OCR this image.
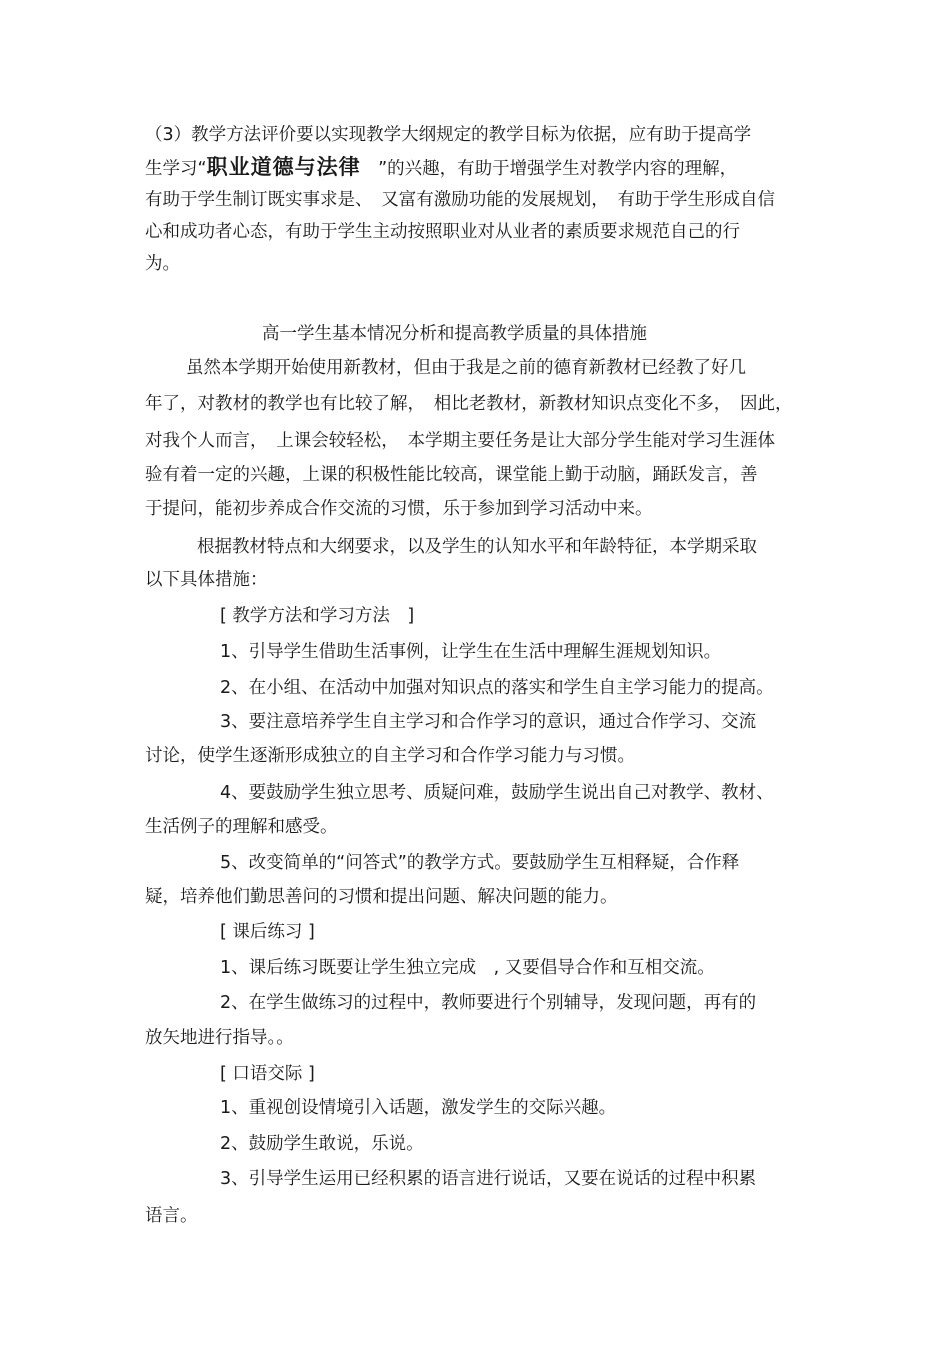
（3）教学方法评价要以实现教学大纲规定的教学目标为依据，应有助于提高学
生学习“职业道德与法律　”的兴趣，有助于增强学生对教学内容的理解，
有助于学生制订既实事求是、　又富有激励功能的发展规划，　有助于学生形成自信
心和成功者心态，有助于学生主动按照职业对从业者的素质要求规范自己的行
为。
高一学生基本情况分析和提高教学质量的具体措施
虽然本学期开始使用新教材，但由于我是之前的德育新教材已经教了好几
年了，对教材的教学也有比较了解，　相比老教材，新教材知识点变化不多，　因此，
对我个人而言，　上课会较轻松，　本学期主要任务是让大部分学生能对学习生涯体
验有着一定的兴趣，上课的积极性能比较高，课堂能上勤于动脑，踊跃发言，善
于提问，能初步养成合作交流的习惯，乐于参加到学习活动中来。
根据教材特点和大纲要求，以及学生的认知水平和年龄特征，本学期采取
以下具体措施：
[ 教学方法和学习方法　]
1、引导学生借助生活事例，让学生在生活中理解生涯规划知识。
2、在小组、在活动中加强对知识点的落实和学生自主学习能力的提高。
3、要注意培养学生自主学习和合作学习的意识，通过合作学习、交流
讨论，使学生逐渐形成独立的自主学习和合作学习能力与习惯。
4、要鼓励学生独立思考、质疑问难，鼓励学生说出自己对教学、教材、
生活例子的理解和感受。
5、改变简单的“问答式”的教学方式。要鼓励学生互相释疑，合作释
疑，培养他们勤思善问的习惯和提出问题、解决问题的能力。
[ 课后练习 ]
1、课后练习既要让学生独立完成　, 又要倡导合作和互相交流。
2、在学生做练习的过程中，教师要进行个别辅导，发现问题，再有的
放矢地进行指导。。
[ 口语交际 ]
1、重视创设情境引入话题，激发学生的交际兴趣。
2、鼓励学生敢说，乐说。
3、引导学生运用已经积累的语言进行说话，又要在说话的过程中积累
语言。
